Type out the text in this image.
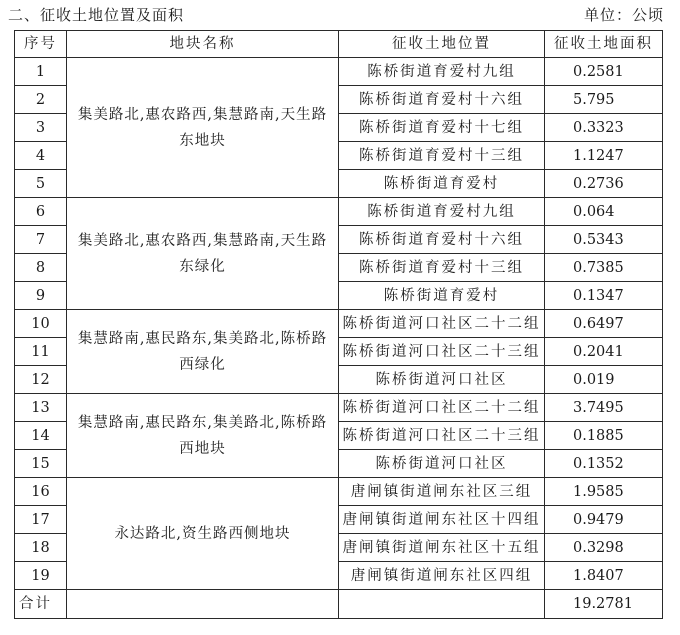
二、征收土地位置及面积	单位：公顷
序号	地块名称	征收土地位置	征收土地面积
1	集美路北,惠农路西,集慧路南,天生路东地块	陈桥街道育爱村九组	0.2581
2		陈桥街道育爱村十六组	5.795
3		陈桥街道育爱村十七组	0.3323
4		陈桥街道育爱村十三组	1.1247
5		陈桥街道育爱村	0.2736
6	集美路北,惠农路西,集慧路南,天生路东绿化	陈桥街道育爱村九组	0.064
7		陈桥街道育爱村十六组	0.5343
8		陈桥街道育爱村十三组	0.7385
9		陈桥街道育爱村	0.1347
10	集慧路南,惠民路东,集美路北,陈桥路西绿化	陈桥街道河口社区二十二组	0.6497
11		陈桥街道河口社区二十三组	0.2041
12		陈桥街道河口社区	0.019
13	集慧路南,惠民路东,集美路北,陈桥路西地块	陈桥街道河口社区二十二组	3.7495
14		陈桥街道河口社区二十三组	0.1885
15		陈桥街道河口社区	0.1352
16	永达路北,资生路西侧地块	唐闸镇街道闸东社区三组	1.9585
17		唐闸镇街道闸东社区十四组	0.9479
18		唐闸镇街道闸东社区十五组	0.3298
19		唐闸镇街道闸东社区四组	1.8407
合计			19.2781
